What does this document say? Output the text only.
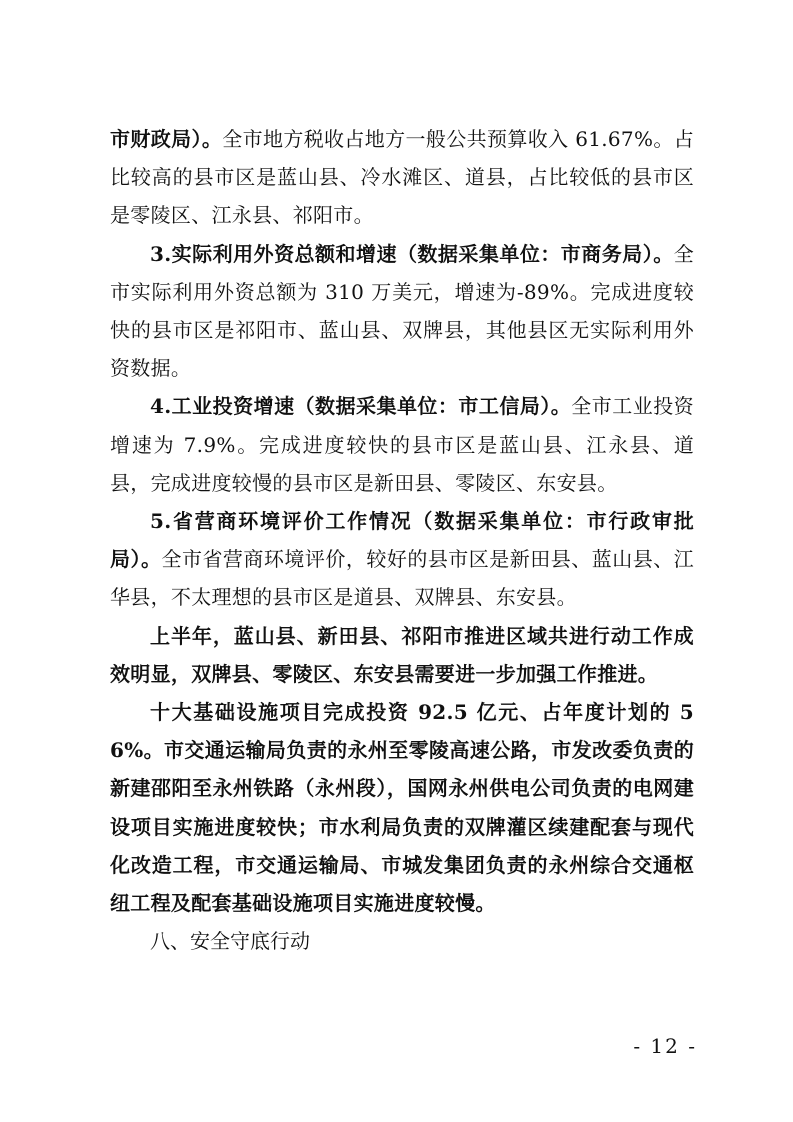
市财政局）。全市地方税收占地方一般公共预算收入 61.67%。占比较高的县市区是蓝山县、冷水滩区、道县，占比较低的县市区是零陵区、江永县、祁阳市。

3.实际利用外资总额和增速（数据采集单位：市商务局）。全市实际利用外资总额为 310 万美元，增速为-89%。完成进度较快的县市区是祁阳市、蓝山县、双牌县，其他县区无实际利用外资数据。

4.工业投资增速（数据采集单位：市工信局）。全市工业投资增速为 7.9%。完成进度较快的县市区是蓝山县、江永县、道县，完成进度较慢的县市区是新田县、零陵区、东安县。

5.省营商环境评价工作情况（数据采集单位：市行政审批局）。全市省营商环境评价，较好的县市区是新田县、蓝山县、江华县，不太理想的县市区是道县、双牌县、东安县。

上半年，蓝山县、新田县、祁阳市推进区域共进行动工作成效明显，双牌县、零陵区、东安县需要进一步加强工作推进。

十大基础设施项目完成投资 92.5 亿元、占年度计划的 56%。市交通运输局负责的永州至零陵高速公路，市发改委负责的新建邵阳至永州铁路（永州段），国网永州供电公司负责的电网建设项目实施进度较快；市水利局负责的双牌灌区续建配套与现代化改造工程，市交通运输局、市城发集团负责的永州综合交通枢纽工程及配套基础设施项目实施进度较慢。

八、安全守底行动

- 12 -
